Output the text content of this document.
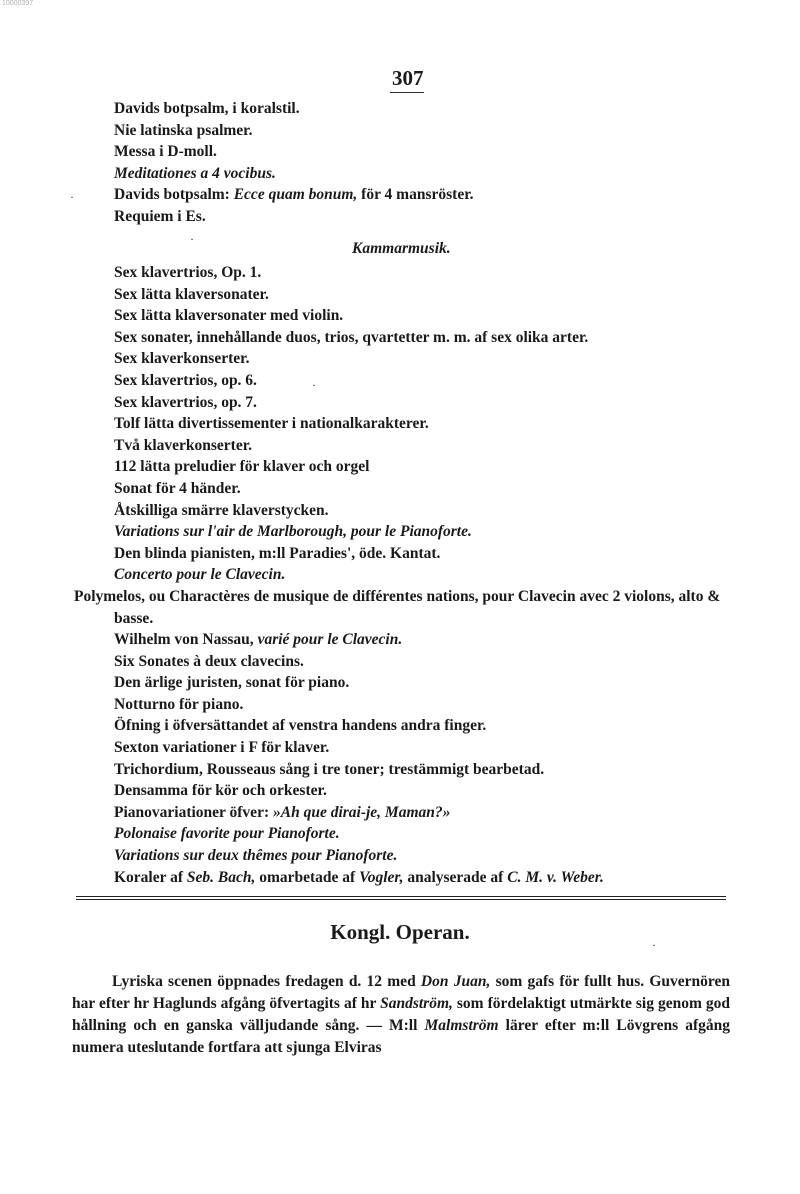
10000397
307
Davids botpsalm, i koralstil.
Nie latinska psalmer.
Messa i D-moll.
Meditationes a 4 vocibus.
Davids botpsalm: Ecce quam bonum, för 4 mansröster.
Requiem i Es.
Kammarmusik.
Sex klavertrios, Op. 1.
Sex lätta klaversonater.
Sex lätta klaversonater med violin.
Sex sonater, innehållande duos, trios, qvartetter m. m. af sex olika arter.
Sex klaverkonserter.
Sex klavertrios, op. 6.
Sex klavertrios, op. 7.
Tolf lätta divertissementer i nationalkarakterer.
Två klaverkonserter.
112 lätta preludier för klaver och orgel
Sonat för 4 händer.
Åtskilliga smärre klaverstycken.
Variations sur l'air de Marlborough, pour le Pianoforte.
Den blinda pianisten, m:ll Paradies', öde. Kantat.
Concerto pour le Clavecin.
Polymelos, ou Charactères de musique de différentes nations, pour Clavecin avec 2 violons, alto & basse.
Wilhelm von Nassau, varié pour le Clavecin.
Six Sonates à deux clavecins.
Den ärlige juristen, sonat för piano.
Notturno för piano.
Öfning i öfversättandet af venstra handens andra finger.
Sexton variationer i F för klaver.
Trichordium, Rousseaus sång i tre toner; trestämmigt bearbetad.
Densamma för kör och orkester.
Pianovariationer öfver: »Ah que dirai-je, Maman?»
Polonaise favorite pour Pianoforte.
Variations sur deux thêmes pour Pianoforte.
Koraler af Seb. Bach, omarbetade af Vogler, analyserade af C. M. v. Weber.
Kongl. Operan.

Lyriska scenen öppnades fredagen d. 12 med Don Juan, som gafs för fullt hus. Guvernören har efter hr Haglunds afgång öfvertagits af hr Sandström, som fördelaktigt utmärkte sig genom god hållning och en ganska välljudande sång. — M:ll Malmström lärer efter m:ll Lövgrens afgång numera uteslutande fortfara att sjunga Elviras

·
·
·
·
